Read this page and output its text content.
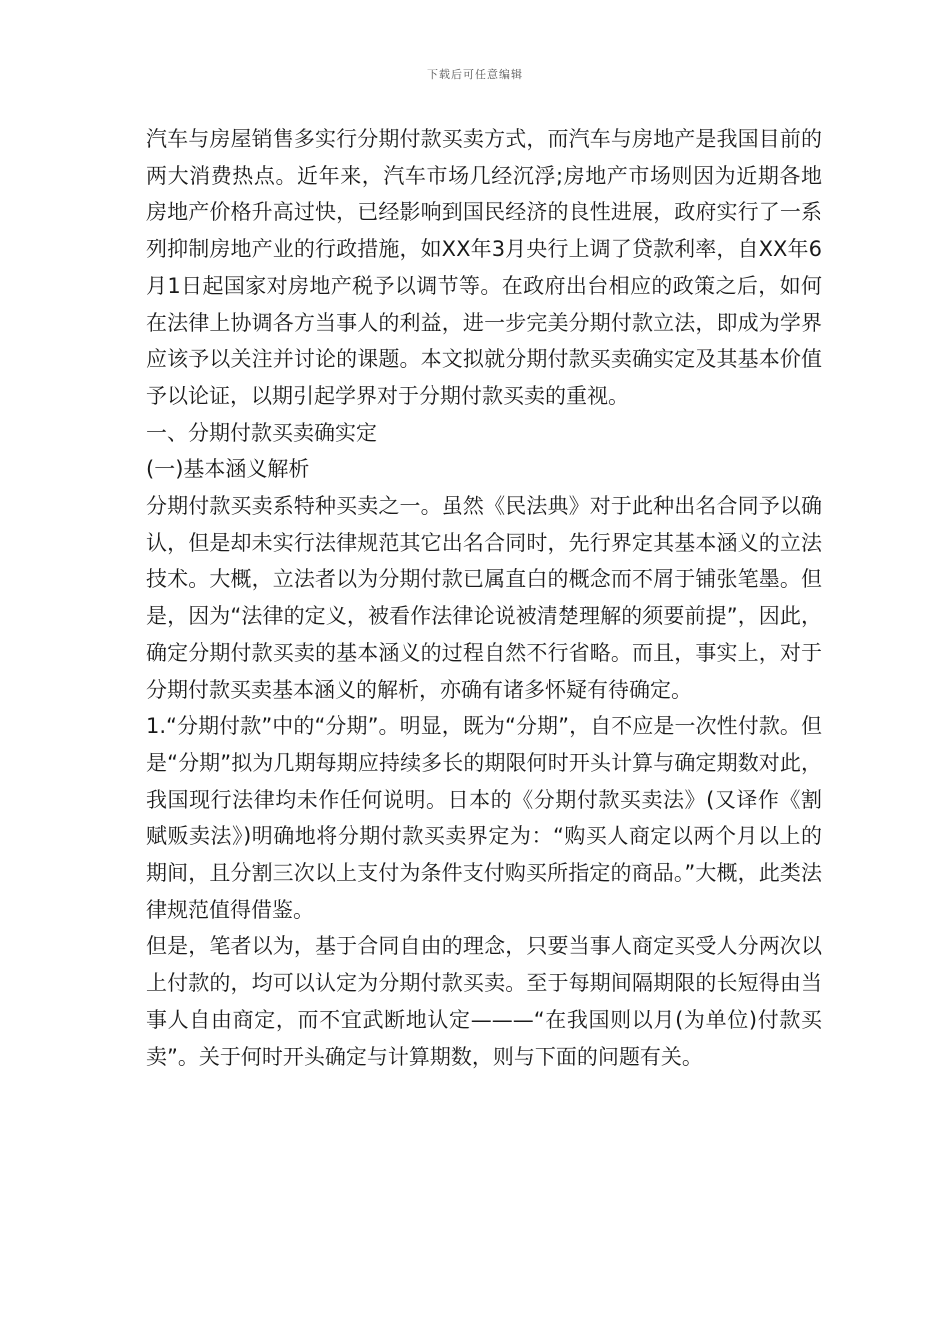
下载后可任意编辑

汽车与房屋销售多实行分期付款买卖方式，而汽车与房地产是我国目前的两大消费热点。近年来，汽车市场几经沉浮;房地产市场则因为近期各地房地产价格升高过快，已经影响到国民经济的良性进展，政府实行了一系列抑制房地产业的行政措施，如XX年3月央行上调了贷款利率，自XX年6月1日起国家对房地产税予以调节等。在政府出台相应的政策之后，如何在法律上协调各方当事人的利益，进一步完美分期付款立法，即成为学界应该予以关注并讨论的课题。本文拟就分期付款买卖确实定及其基本价值予以论证，以期引起学界对于分期付款买卖的重视。

一、分期付款买卖确实定

(一)基本涵义解析

分期付款买卖系特种买卖之一。虽然《民法典》对于此种出名合同予以确认，但是却未实行法律规范其它出名合同时，先行界定其基本涵义的立法技术。大概，立法者以为分期付款已属直白的概念而不屑于铺张笔墨。但是，因为“法律的定义，被看作法律论说被清楚理解的须要前提”，因此，确定分期付款买卖的基本涵义的过程自然不行省略。而且，事实上，对于分期付款买卖基本涵义的解析，亦确有诸多怀疑有待确定。

1.“分期付款”中的“分期”。明显，既为“分期”，自不应是一次性付款。但是“分期”拟为几期每期应持续多长的期限何时开头计算与确定期数对此，我国现行法律均未作任何说明。日本的《分期付款买卖法》(又译作《割赋贩卖法》)明确地将分期付款买卖界定为：“购买人商定以两个月以上的期间，且分割三次以上支付为条件支付购买所指定的商品。”大概，此类法律规范值得借鉴。

但是，笔者以为，基于合同自由的理念，只要当事人商定买受人分两次以上付款的，均可以认定为分期付款买卖。至于每期间隔期限的长短得由当事人自由商定，而不宜武断地认定———“在我国则以月(为单位)付款买卖”。关于何时开头确定与计算期数，则与下面的问题有关。
